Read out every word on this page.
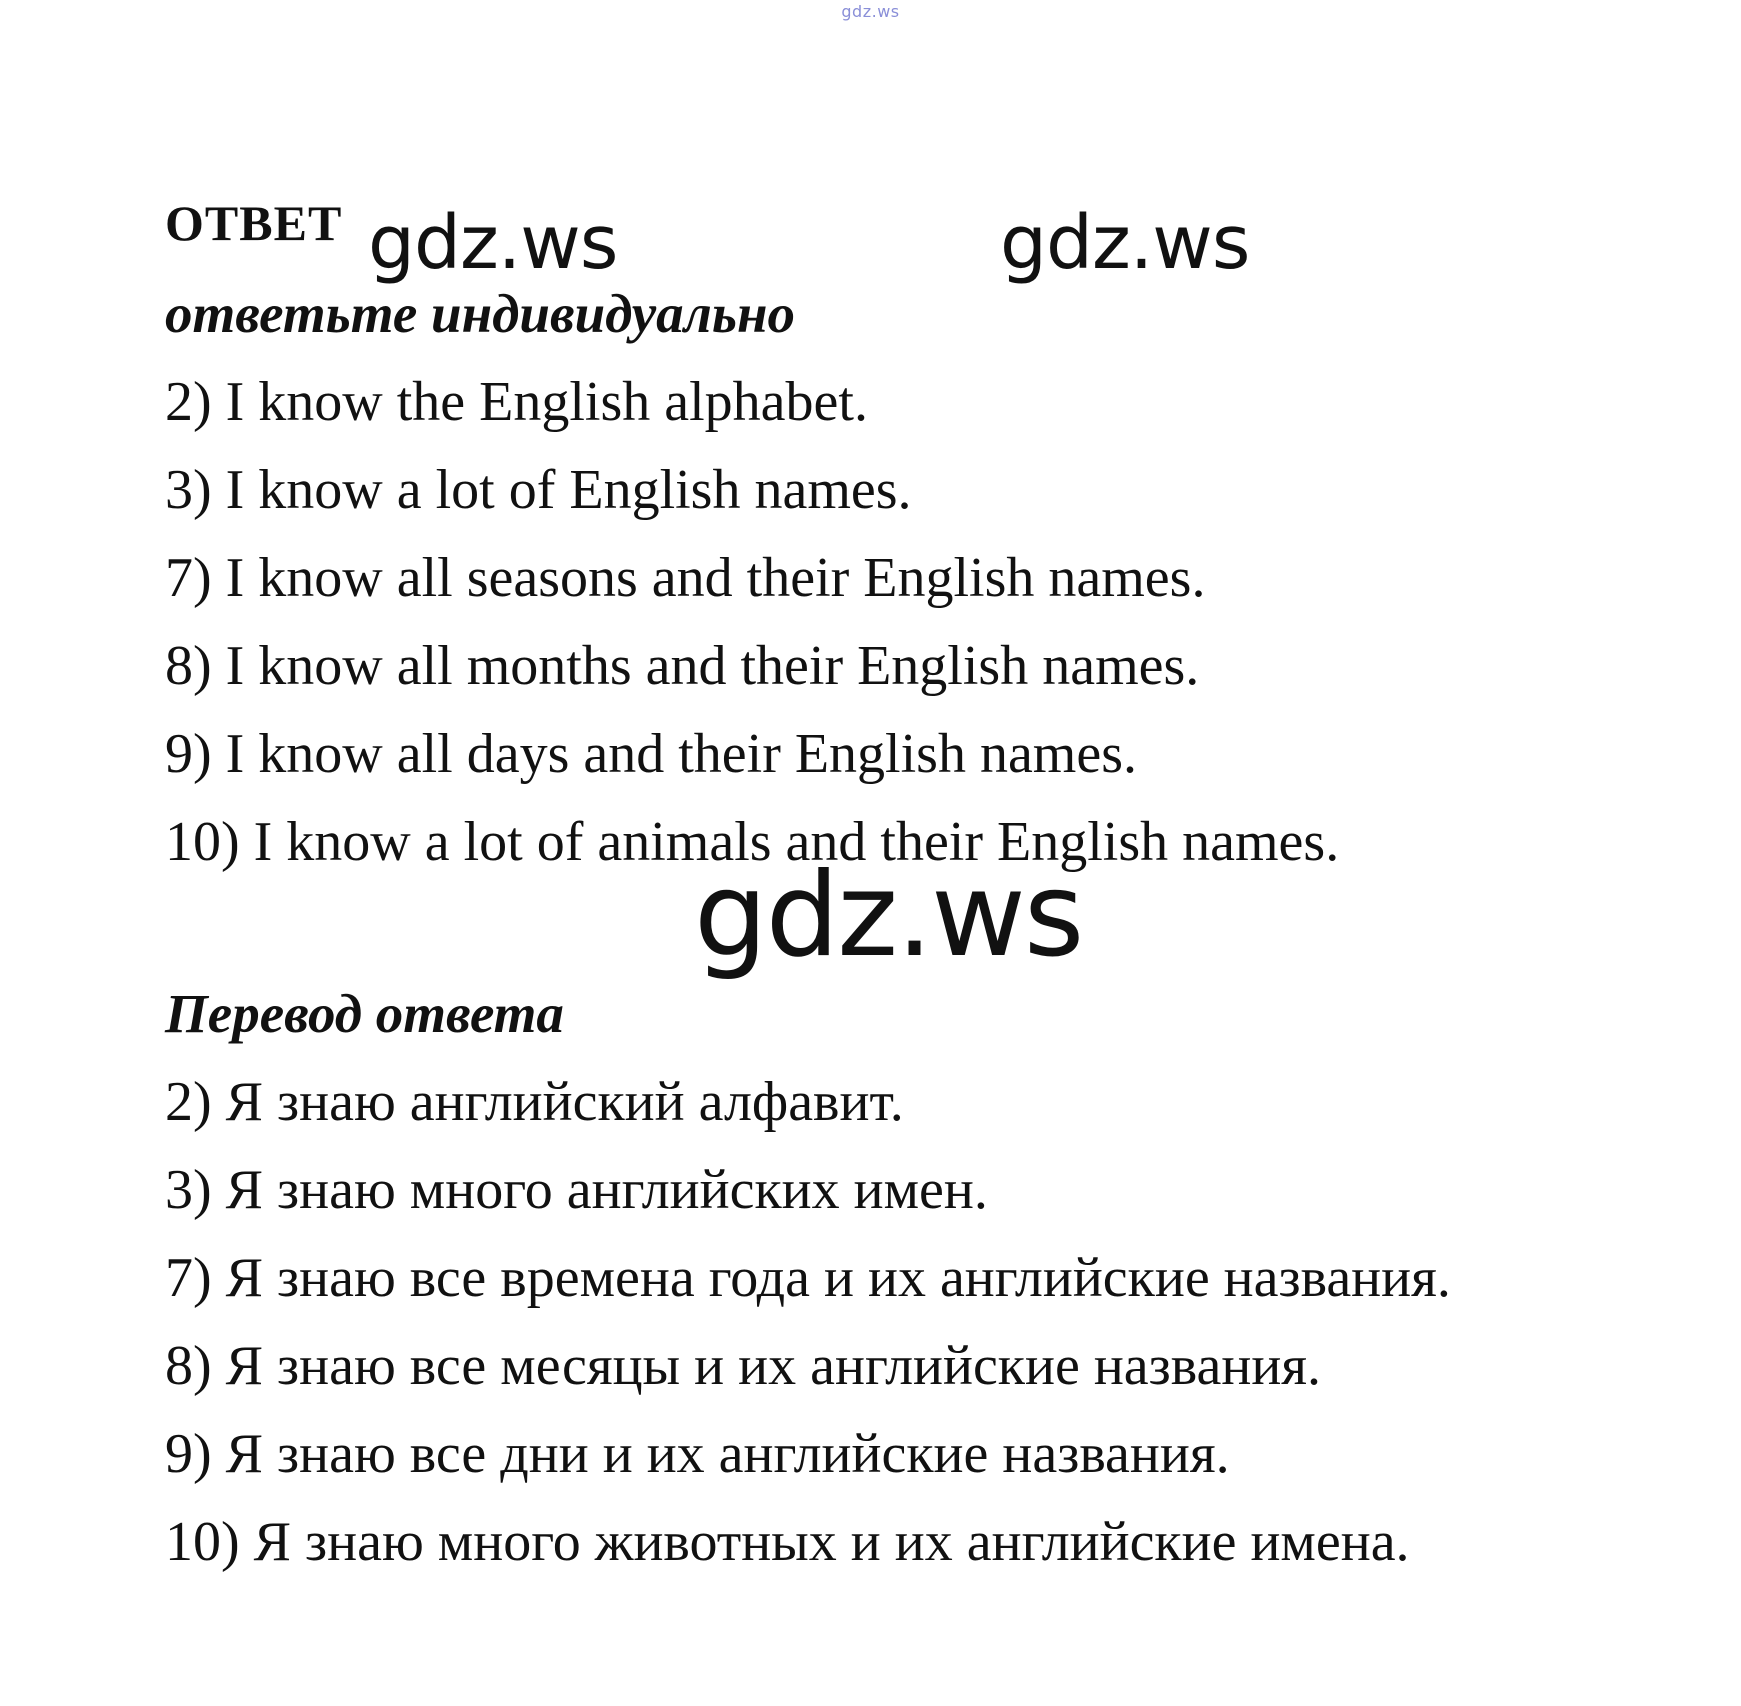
gdz.ws
ОТВЕТ gdz.ws	gdz.ws
ответьте индивидуально
2) I know the English alphabet.
3) I know a lot of English names.
7) I know all seasons and their English names.
8) I know all months and their English names.
9) I know all days and their English names.
10) I know a lot of animals and their English names.
gdz.ws
Перевод ответа
2) Я знаю английский алфавит.
3) Я знаю много английских имен.
7) Я знаю все времена года и их английские названия.
8) Я знаю все месяцы и их английские названия.
9) Я знаю все дни и их английские названия.
10) Я знаю много животных и их английские имена.
